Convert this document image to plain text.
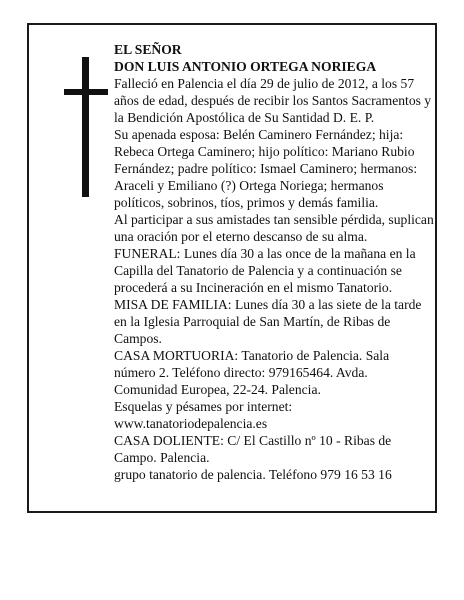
EL SEÑOR

DON LUIS ANTONIO ORTEGA NORIEGA

Falleció en Palencia el día 29 de julio de 2012, a los 57 años de edad, después de recibir los Santos Sacramentos y la Bendición Apostólica de Su Santidad D. E. P.

Su apenada esposa: Belén Caminero Fernández; hija: Rebeca Ortega Caminero; hijo político: Mariano Rubio Fernández; padre político: Ismael Caminero; hermanos: Araceli y Emiliano (?) Ortega Noriega; hermanos políticos, sobrinos, tíos, primos y demás familia.

Al participar a sus amistades tan sensible pérdida, suplican una oración por el eterno descanso de su alma.

FUNERAL: Lunes día 30 a las once de la mañana en la Capilla del Tanatorio de Palencia y a continuación se procederá a su Incineración en el mismo Tanatorio.

MISA DE FAMILIA: Lunes día 30 a las siete de la tarde en la Iglesia Parroquial de San Martín, de Ribas de Campos.

CASA MORTUORIA: Tanatorio de Palencia. Sala número 2. Teléfono directo: 979165464. Avda. Comunidad Europea, 22-24. Palencia.

Esquelas y pésames por internet: www.tanatoriodepalencia.es

CASA DOLIENTE: C/ El Castillo nº 10 - Ribas de Campo. Palencia.

grupo tanatorio de palencia. Teléfono 979 16 53 16
